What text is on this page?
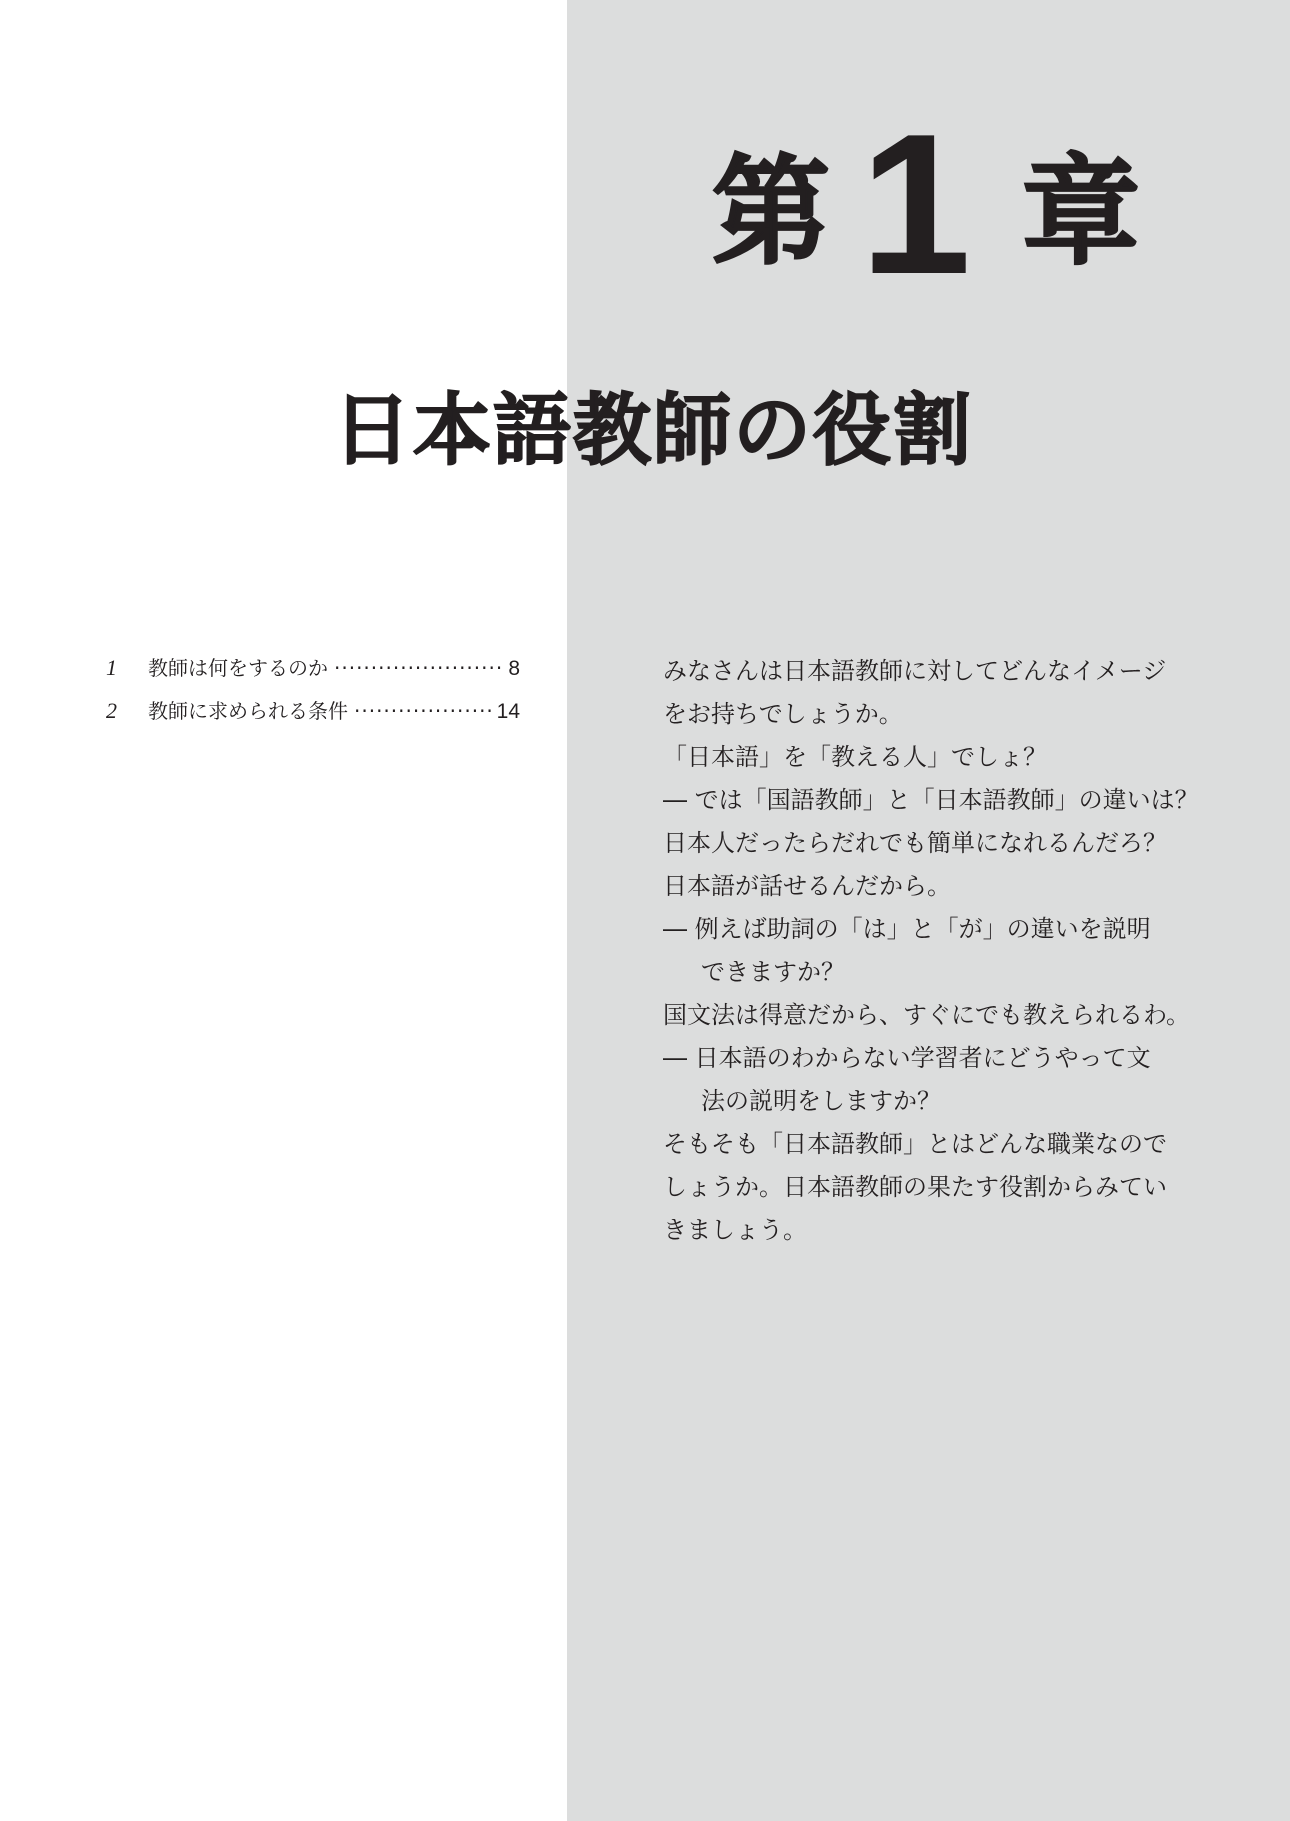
第 1 章
日本語教師の役割
1	教師は何をするのか ·····	8
2	教師に求められる条件 ·····	14
みなさんは日本語教師に対してどんなイメージ
をお持ちでしょうか。
「日本語」を「教える人」でしょ？
― では「国語教師」と「日本語教師」の違いは？
日本人だったらだれでも簡単になれるんだろ？
日本語が話せるんだから。
― 例えば助詞の「は」と「が」の違いを説明
できますか？
国文法は得意だから、すぐにでも教えられるわ。
― 日本語のわからない学習者にどうやって文
法の説明をしますか？
そもそも「日本語教師」とはどんな職業なので
しょうか。日本語教師の果たす役割からみてい
きましょう。
